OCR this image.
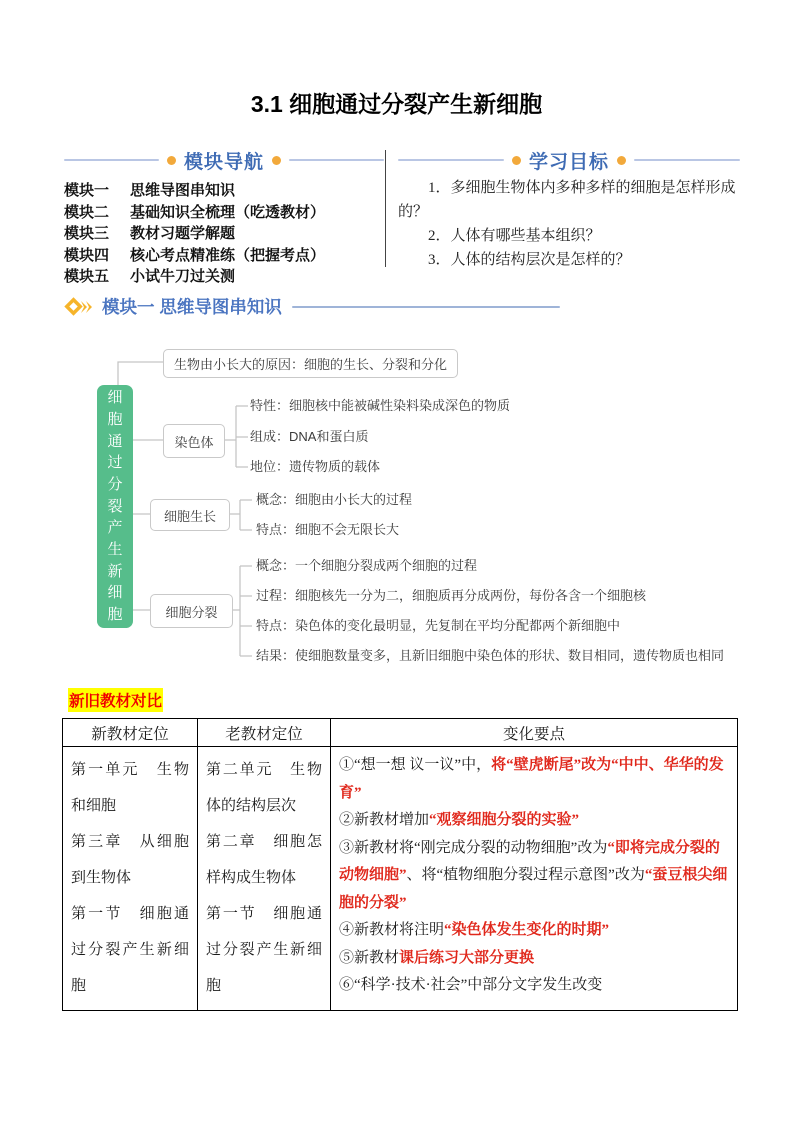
3.1 细胞通过分裂产生新细胞
模块导航
模块一	思维导图串知识
模块二	基础知识全梳理（吃透教材）
模块三	教材习题学解题
模块四	核心考点精准练（把握考点）
模块五	小试牛刀过关测
学习目标
1．多细胞生物体内多种多样的细胞是怎样形成的？
2．人体有哪些基本组织？
3．人体的结构层次是怎样的？
模块一 思维导图串知识
细胞通过分裂产生新细胞
生物由小长大的原因：细胞的生长、分裂和分化
染色体
特性：细胞核中能被碱性染料染成深色的物质
组成：DNA和蛋白质
地位：遗传物质的载体
细胞生长
概念：细胞由小长大的过程
特点：细胞不会无限长大
细胞分裂
概念：一个细胞分裂成两个细胞的过程
过程：细胞核先一分为二，细胞质再分成两份，每份各含一个细胞核
特点：染色体的变化最明显，先复制在平均分配都两个新细胞中
结果：使细胞数量变多，且新旧细胞中染色体的形状、数目相同，遗传物质也相同
新旧教材对比
新教材定位	老教材定位	变化要点

第一单元　生物和细胞
第三章　从细胞到生物体
第一节　细胞通过分裂产生新细胞

第二单元　生物体的结构层次
第二章　细胞怎样构成生物体
第一节　细胞通过分裂产生新细胞

①“想一想 议一议”中，将“壁虎断尾”改为“中中、华华的发育”
②新教材增加“观察细胞分裂的实验”
③新教材将“刚完成分裂的动物细胞”改为“即将完成分裂的动物细胞”、将“植物细胞分裂过程示意图”改为“蚕豆根尖细胞的分裂”
④新教材将注明“染色体发生变化的时期”
⑤新教材课后练习大部分更换
⑥“科学·技术·社会”中部分文字发生改变
